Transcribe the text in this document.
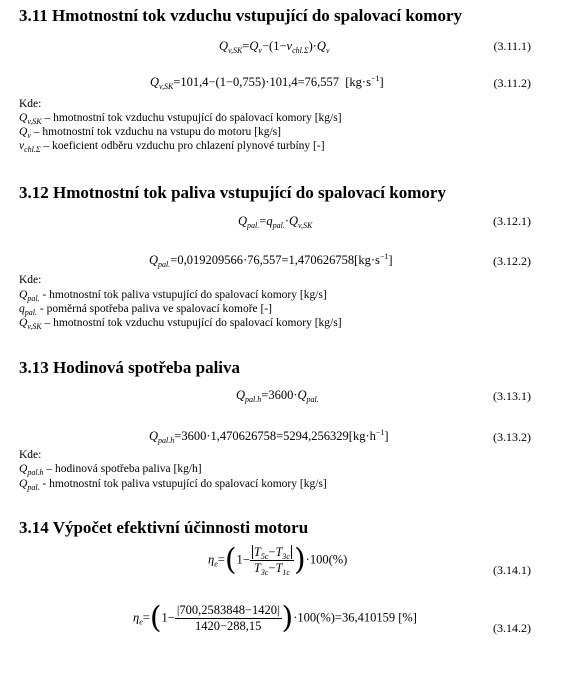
3.11 Hmotnostní tok vzduchu vstupující do spalovací komory
$Q_{v,SK}=Q_v-(1-\nu_{chl.\Sigma})\cdot Q_v$	(3.11.1)
$Q_{v,SK}=101,4-(1-0,755)\cdot 101,4=76,557$ $[kg\cdot s^{-1}]$	(3.11.2)
Kde:
$Q_{v,SK}$ – hmotnostní tok vzduchu vstupující do spalovací komory [kg/s]
$Q_v$ – hmotnostní tok vzduchu na vstupu do motoru [kg/s]
$\nu_{chl.\Sigma}$ – koeficient odběru vzduchu pro chlazení plynové turbíny [-]
3.12 Hmotnostní tok paliva vstupující do spalovací komory
$Q_{pal.}=q_{pal.}\cdot Q_{v,SK}$	(3.12.1)
$Q_{pal.}=0,019209566\cdot 76,557=1,470626758[kg\cdot s^{-1}]$	(3.12.2)
Kde:
$Q_{pal.}$ - hmotnostní tok paliva vstupující do spalovací komory [kg/s]
$q_{pal.}$ - poměrná spotřeba paliva ve spalovací komoře [-]
$Q_{v,SK}$ – hmotnostní tok vzduchu vstupující do spalovací komory [kg/s]
3.13 Hodinová spotřeba paliva
$Q_{pal.h}=3600\cdot Q_{pal.}$	(3.13.1)
$Q_{pal.h}=3600\cdot 1,470626758=5294,256329[kg\cdot h^{-1}]$	(3.13.2)
Kde:
$Q_{pal.h}$ – hodinová spotřeba paliva [kg/h]
$Q_{pal.}$ - hmotnostní tok paliva vstupující do spalovací komory [kg/s]
3.14 Výpočet efektivní účinnosti motoru
$\eta_e=(1- \frac{T_{5c}-T_{3c}}{T_{3c}-T_{1c}} )\cdot 100(\%)$
(3.14.1)
$\eta_e=(1- \frac{|700,2583848-1420|}{1420-288,15} )\cdot 100(\%)=36,410159$ [%]
(3.14.2)
